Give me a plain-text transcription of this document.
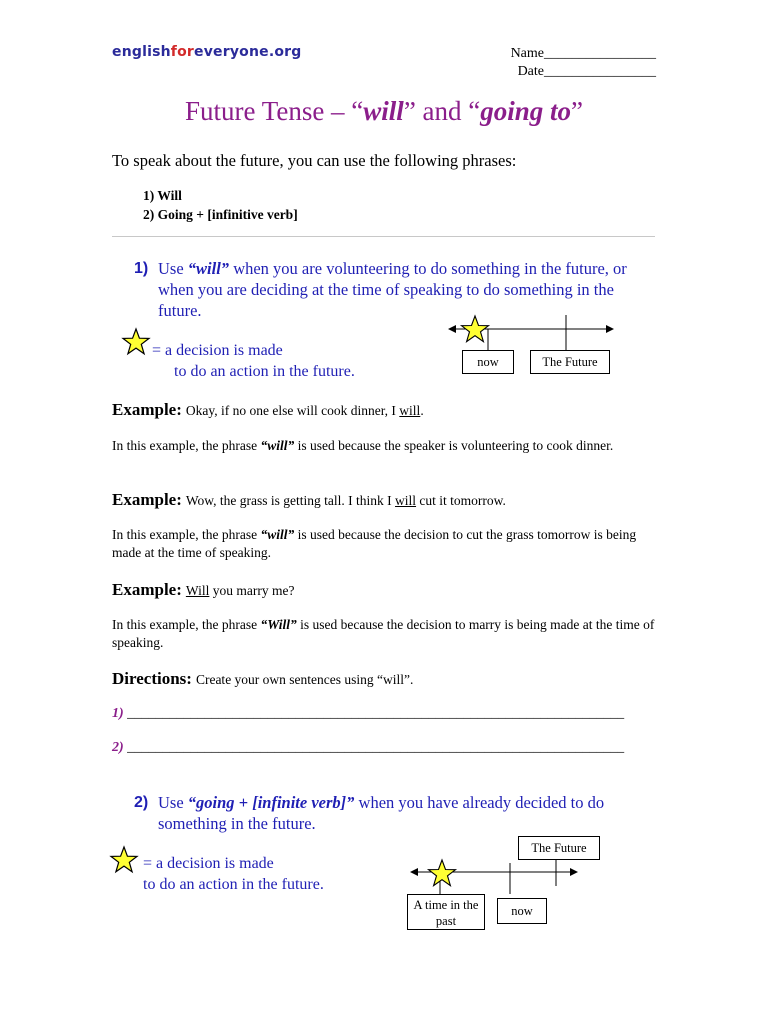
englishforeveryone.org	Name________________
Date________________
Future Tense – “will” and “going to”
To speak about the future, you can use the following phrases:
1) Will
2) Going + [infinitive verb]
1) Use “will” when you are volunteering to do something in the future, or when you are deciding at the time of speaking to do something in the future.
= a decision is made
to do an action in the future.
now	The Future
Example: Okay, if no one else will cook dinner, I will.
In this example, the phrase “will” is used because the speaker is volunteering to cook dinner.
Example: Wow, the grass is getting tall. I think I will cut it tomorrow.
In this example, the phrase “will” is used because the decision to cut the grass tomorrow is being made at the time of speaking.
Example: Will you marry me?
In this example, the phrase “Will” is used because the decision to marry is being made at the time of speaking.
Directions: Create your own sentences using “will”.
1) _______________________________________________________________________
2) _______________________________________________________________________
2) Use “going + [infinite verb]” when you have already decided to do something in the future.
= a decision is made
to do an action in the future.
The Future
A time in the past
now
